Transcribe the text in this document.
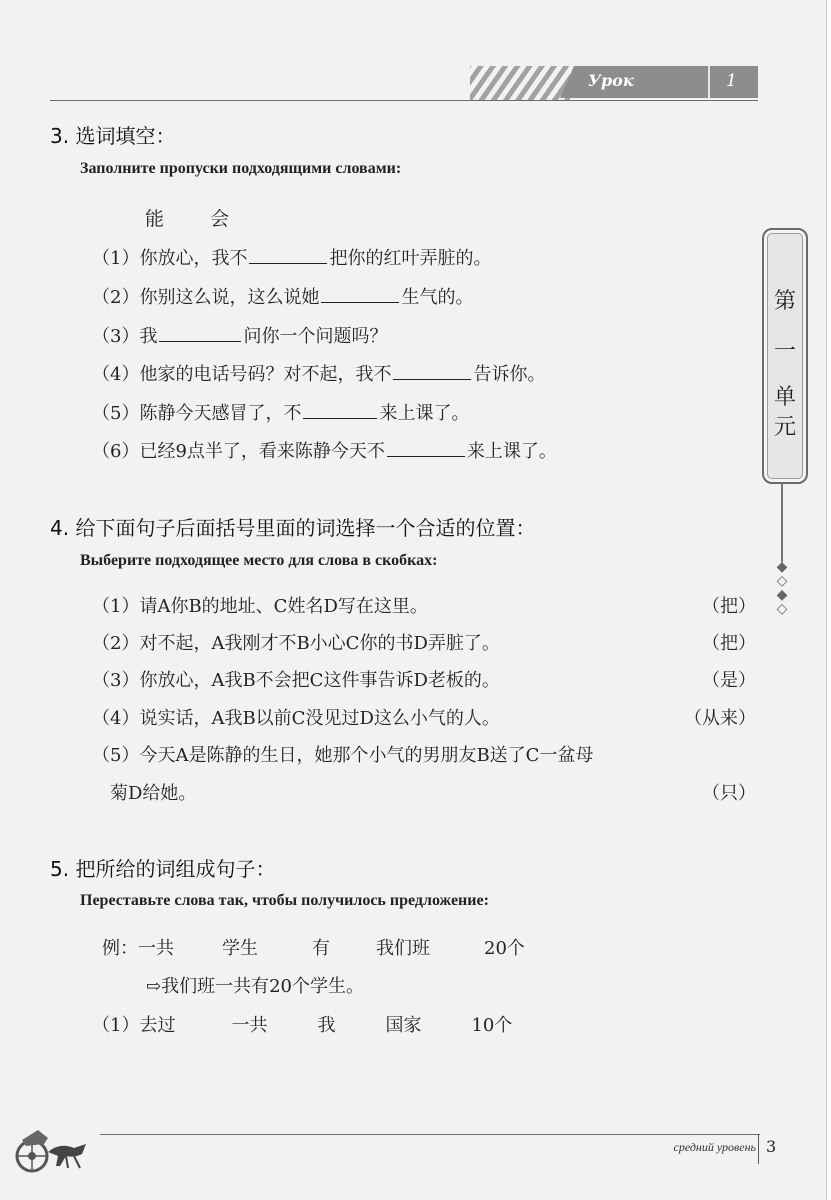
Урок	1
第
一
单
元
◆
◇
◆
◇
3. 选词填空：
Заполните пропуски подходящими словами:
能 会
（1）你放心，我不	把你的红叶弄脏的。
（2）你别这么说，这么说她	生气的。
（3）我	问你一个问题吗？
（4）他家的电话号码？对不起，我不	告诉你。
（5）陈静今天感冒了，不	来上课了。
（6）已经9点半了，看来陈静今天不	来上课了。
4. 给下面句子后面括号里面的词选择一个合适的位置：
Выберите подходящее место для слова в скобках:
（1）请A你B的地址、C姓名D写在这里。	（把）
（2）对不起，A我刚才不B小心C你的书D弄脏了。	（把）
（3）你放心，A我B不会把C这件事告诉D老板的。	（是）
（4）说实话，A我B以前C没见过D这么小气的人。	（从来）
（5）今天A是陈静的生日，她那个小气的男朋友B送了C一盆母
菊D给她。	（只）
5. 把所给的词组成句子：
Переставьте слова так, чтобы получилось предложение:
例：一共	学生	有	我们班	20个
⇨我们班一共有20个学生。
（1）去过	一共	我	国家	10个
средний уровень 3
